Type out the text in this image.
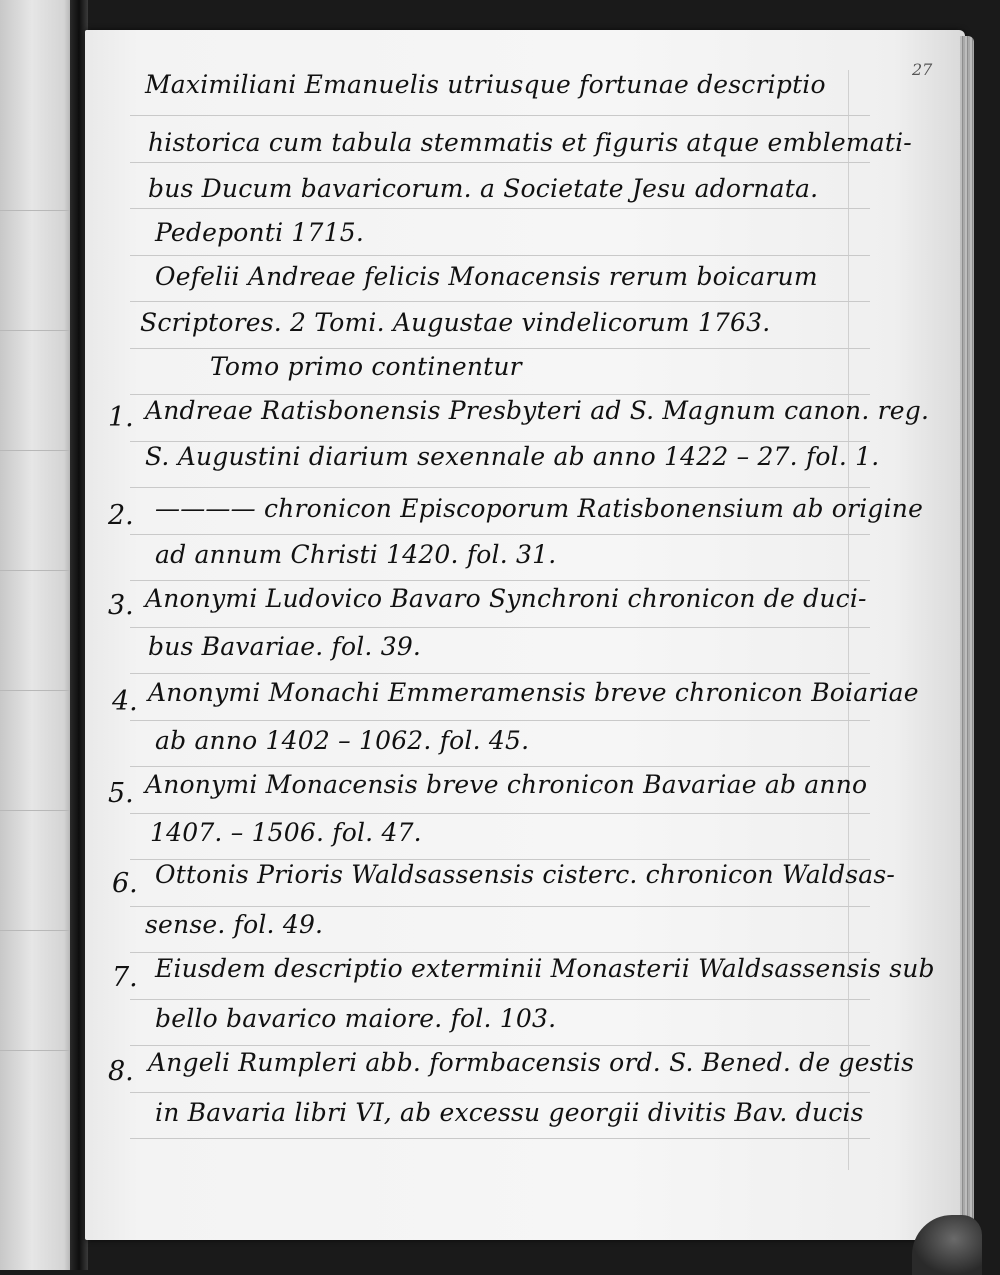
27
Maximiliani Emanuelis utriusque fortunae descriptio
historica cum tabula stemmatis et figuris atque emblemati-
bus Ducum bavaricorum. a Societate Jesu adornata.
Pedeponti 1715.
Oefelii Andreae felicis Monacensis rerum boicarum
Scriptores. 2 Tomi. Augustae vindelicorum 1763.
Tomo primo continentur
1. Andreae Ratisbonensis Presbyteri ad S. Magnum canon. reg.
S. Augustini diarium sexennale ab anno 1422 – 27. fol. 1.
2. ———— chronicon Episcoporum Ratisbonensium ab origine
ad annum Christi 1420. fol. 31.
3. Anonymi Ludovico Bavaro Synchroni chronicon de duci-
bus Bavariae. fol. 39.
4. Anonymi Monachi Emmeramensis breve chronicon Boiariae
ab anno 1402 – 1062. fol. 45.
5. Anonymi Monacensis breve chronicon Bavariae ab anno
1407. – 1506. fol. 47.
6. Ottonis Prioris Waldsassensis cisterc. chronicon Waldsas-
sense. fol. 49.
7. Eiusdem descriptio exterminii Monasterii Waldsassensis sub
bello bavarico maiore. fol. 103.
8. Angeli Rumpleri abb. formbacensis ord. S. Bened. de gestis
in Bavaria libri VI, ab excessu georgii divitis Bav. ducis
